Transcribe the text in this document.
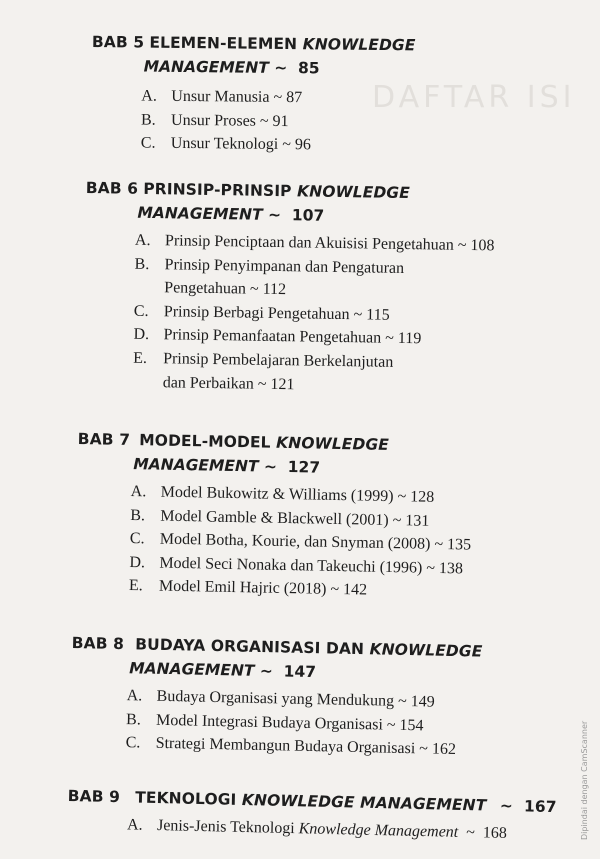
DAFTAR ISI
BAB 5 ELEMEN-ELEMEN KNOWLEDGE
MANAGEMENT ~  85
A. Unsur Manusia ~ 87
B. Unsur Proses ~ 91
C. Unsur Teknologi ~ 96
BAB 6 PRINSIP-PRINSIP KNOWLEDGE
MANAGEMENT ~  107
A. Prinsip Penciptaan dan Akuisisi Pengetahuan ~ 108
B. Prinsip Penyimpanan dan Pengaturan
Pengetahuan ~ 112
C. Prinsip Berbagi Pengetahuan ~ 115
D. Prinsip Pemanfaatan Pengetahuan ~ 119
E. Prinsip Pembelajaran Berkelanjutan
dan Perbaikan ~ 121
BAB 7 MODEL-MODEL KNOWLEDGE
MANAGEMENT ~  127
A. Model Bukowitz & Williams (1999) ~ 128
B. Model Gamble & Blackwell (2001) ~ 131
C. Model Botha, Kourie, dan Snyman (2008) ~ 135
D. Model Seci Nonaka dan Takeuchi (1996) ~ 138
E. Model Emil Hajric (2018) ~ 142
BAB 8 BUDAYA ORGANISASI DAN KNOWLEDGE
MANAGEMENT ~  147
A. Budaya Organisasi yang Mendukung ~ 149
B. Model Integrasi Budaya Organisasi ~ 154
C. Strategi Membangun Budaya Organisasi ~ 162
BAB 9 TEKNOLOGI KNOWLEDGE MANAGEMENT ~  167
A. Jenis-Jenis Teknologi Knowledge Management  ~  168	Dipindai dengan CamScanner
